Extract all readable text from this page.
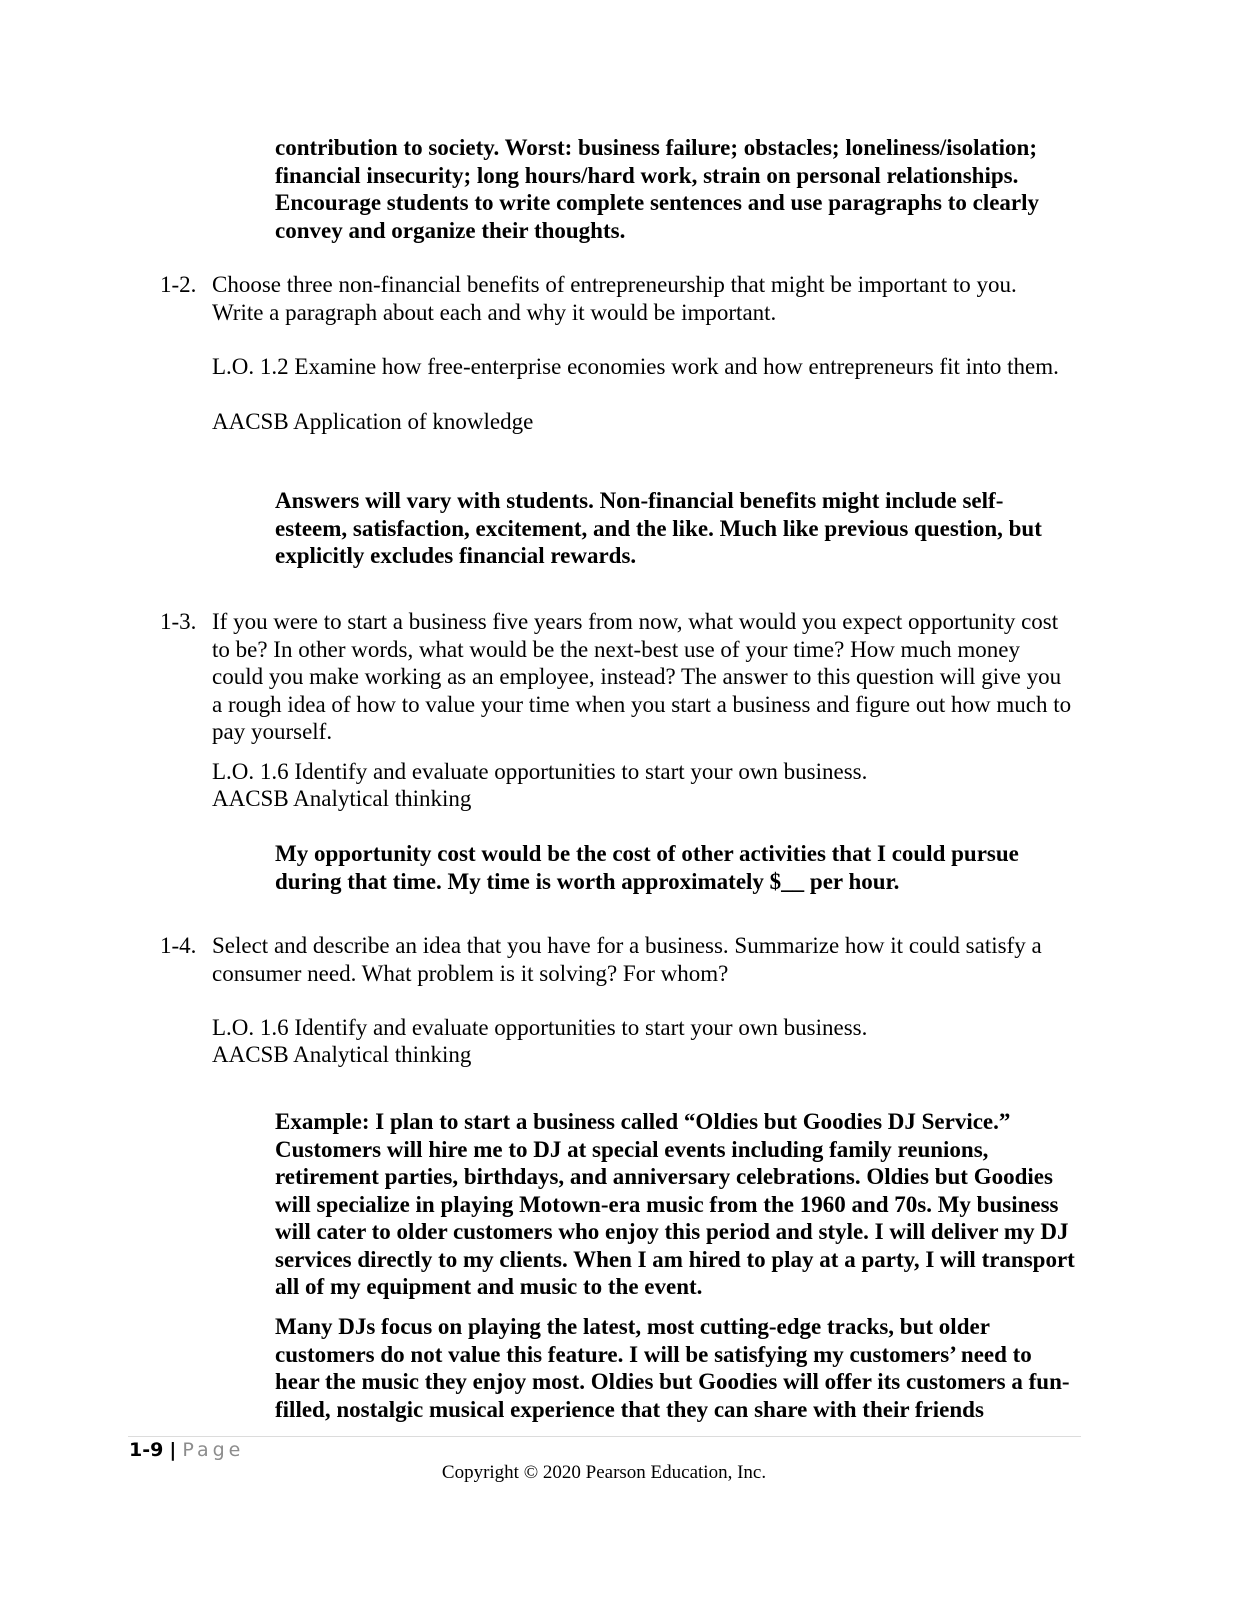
contribution to society. Worst: business failure; obstacles; loneliness/isolation; financial insecurity; long hours/hard work, strain on personal relationships. Encourage students to write complete sentences and use paragraphs to clearly convey and organize their thoughts.

1-2. Choose three non-financial benefits of entrepreneurship that might be important to you. Write a paragraph about each and why it would be important.

L.O. 1.2 Examine how free-enterprise economies work and how entrepreneurs fit into them.

AACSB Application of knowledge

Answers will vary with students. Non-financial benefits might include self-esteem, satisfaction, excitement, and the like. Much like previous question, but explicitly excludes financial rewards.

1-3. If you were to start a business five years from now, what would you expect opportunity cost to be? In other words, what would be the next-best use of your time? How much money could you make working as an employee, instead? The answer to this question will give you a rough idea of how to value your time when you start a business and figure out how much to pay yourself.

L.O. 1.6 Identify and evaluate opportunities to start your own business.

AACSB Analytical thinking

My opportunity cost would be the cost of other activities that I could pursue during that time. My time is worth approximately $__ per hour.

1-4. Select and describe an idea that you have for a business. Summarize how it could satisfy a consumer need. What problem is it solving? For whom?

L.O. 1.6 Identify and evaluate opportunities to start your own business.

AACSB Analytical thinking

Example: I plan to start a business called “Oldies but Goodies DJ Service.” Customers will hire me to DJ at special events including family reunions, retirement parties, birthdays, and anniversary celebrations. Oldies but Goodies will specialize in playing Motown-era music from the 1960 and 70s. My business will cater to older customers who enjoy this period and style. I will deliver my DJ services directly to my clients. When I am hired to play at a party, I will transport all of my equipment and music to the event.

Many DJs focus on playing the latest, most cutting-edge tracks, but older customers do not value this feature. I will be satisfying my customers’ need to hear the music they enjoy most. Oldies but Goodies will offer its customers a fun-filled, nostalgic musical experience that they can share with their friends

1-9 | Page
Copyright © 2020 Pearson Education, Inc.
